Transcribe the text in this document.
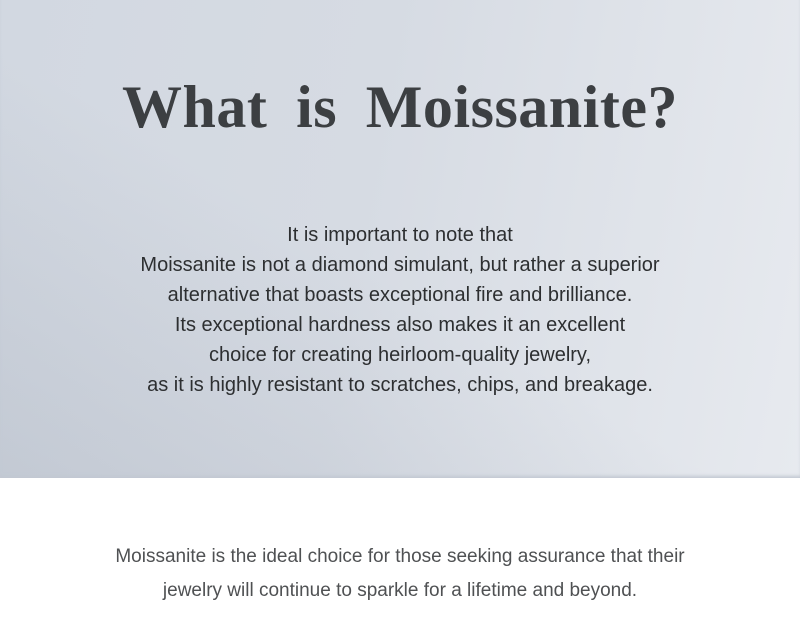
What is Moissanite?
It is important to note that
Moissanite is not a diamond simulant, but rather a superior
alternative that boasts exceptional fire and brilliance.
Its exceptional hardness also makes it an excellent
choice for creating heirloom-quality jewelry,
as it is highly resistant to scratches, chips, and breakage.
Moissanite is the ideal choice for those seeking assurance that their
jewelry will continue to sparkle for a lifetime and beyond.
